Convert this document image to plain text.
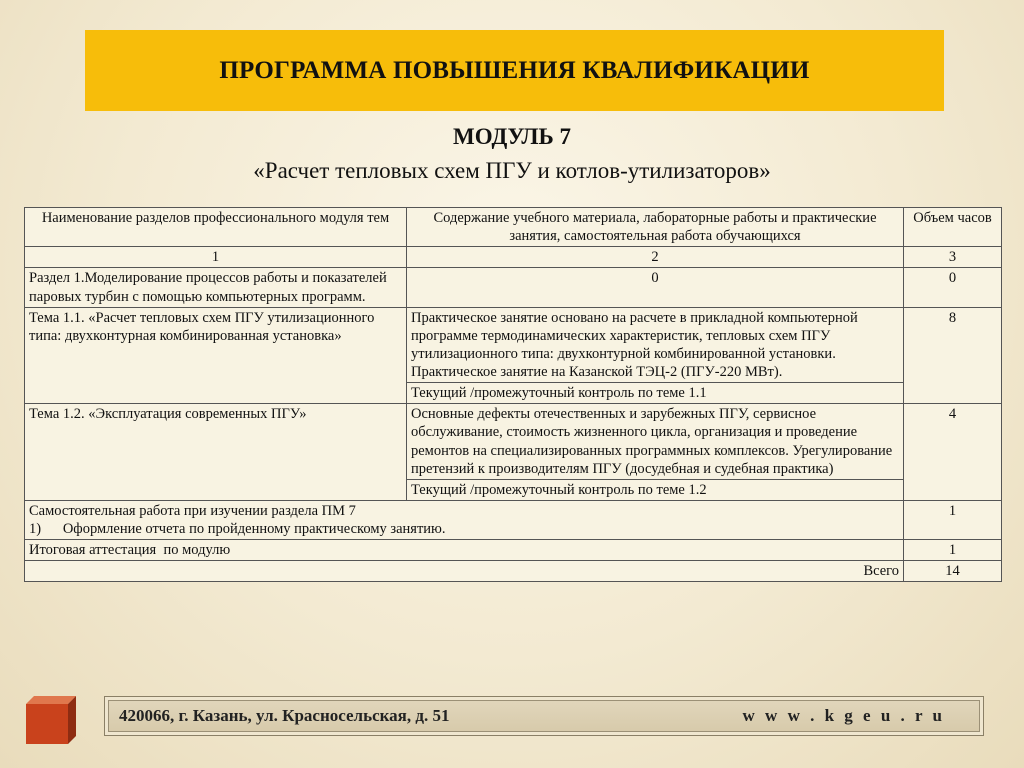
ПРОГРАММА ПОВЫШЕНИЯ КВАЛИФИКАЦИИ
МОДУЛЬ 7
«Расчет тепловых схем ПГУ и котлов-утилизаторов»
Наименование разделов профессионального модуля тем	Содержание учебного материала, лабораторные работы и практические занятия, самостоятельная работа обучающихся	Объем часов
1	2	3
Раздел 1.Моделирование процессов работы и показателей паровых турбин с помощью компьютерных программ.	0	0
Тема 1.1. «Расчет тепловых схем ПГУ утилизационного типа: двухконтурная комбинированная установка»	Практическое занятие основано на расчете в прикладной компьютерной программе термодинамических характеристик, тепловых схем ПГУ утилизационного типа: двухконтурной комбинированной установки. Практическое занятие на Казанской ТЭЦ-2 (ПГУ-220 МВт).	8
	Текущий /промежуточный контроль по теме 1.1	
Тема 1.2. «Эксплуатация современных ПГУ»	Основные дефекты отечественных и зарубежных ПГУ, сервисное обслуживание, стоимость жизненного цикла, организация и проведение ремонтов на специализированных программных комплексов. Урегулирование претензий к производителям ПГУ (досудебная и судебная практика)	4
	Текущий /промежуточный контроль по теме 1.2	

Самостоятельная работа при изучении раздела ПМ 7
1)      Оформление отчета по пройденному практическому занятию.		1
Итоговая аттестация  по модулю		1
Всего		14
420066, г. Казань, ул. Красносельская, д. 51	w w w . k g e u . r u
